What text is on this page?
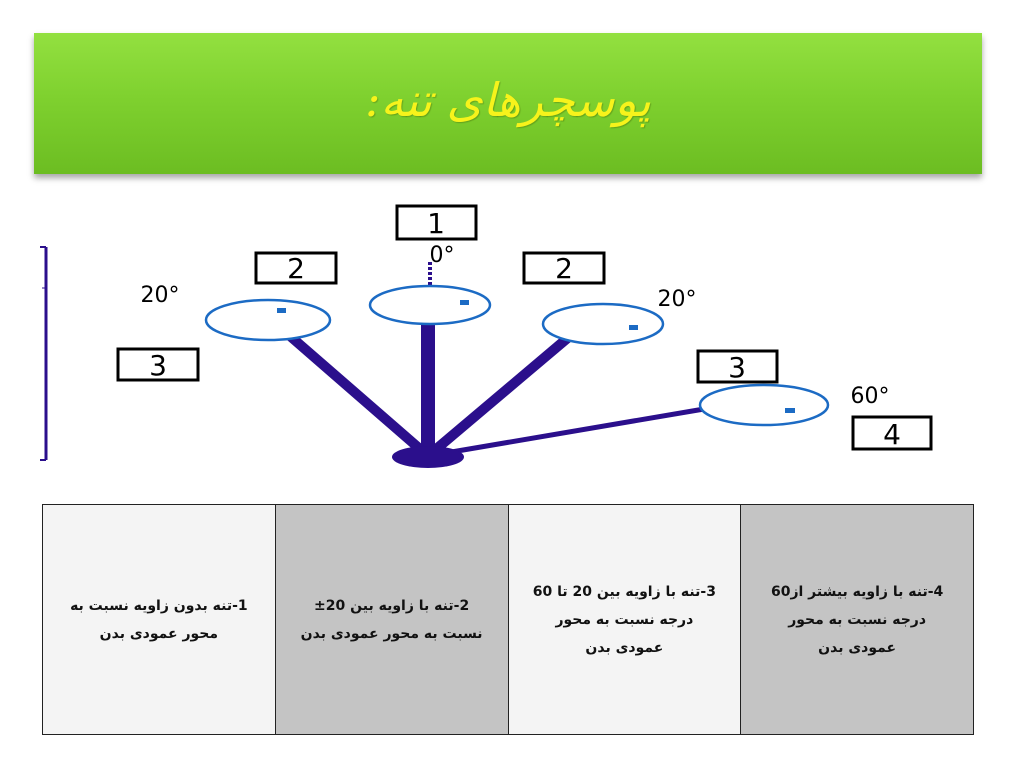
پوسچرهای تنه:
1
2	2
3	3
4
0°
20°	20°
60°
1-تنه بدون زاویه نسبت به محور عمودی بدن	2-تنه با زاویه بین 20± نسبت به محور عمودی بدن	3-تنه با زاویه بین 20 تا 60 درجه نسبت به محور عمودی بدن	4-تنه با زاویه بیشتر از60 درجه نسبت به محور عمودی بدن
